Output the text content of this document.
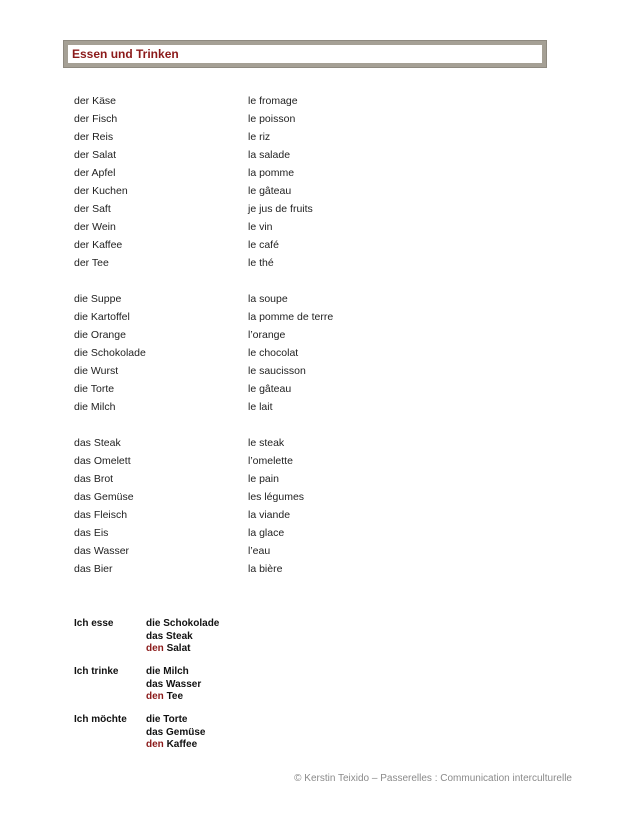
Essen und Trinken
der Käse	le fromage
der Fisch	le poisson
der Reis	le riz
der Salat	la salade
der Apfel	la pomme
der Kuchen	le gâteau
der Saft	je jus de fruits
der Wein	le vin
der Kaffee	le café
der Tee	le thé
die Suppe	la soupe
die Kartoffel	la pomme de terre
die Orange	l’orange
die Schokolade	le chocolat
die Wurst	le saucisson
die Torte	le gâteau
die Milch	le lait
das Steak	le steak
das Omelett	l’omelette
das Brot	le pain
das Gemüse	les légumes
das Fleisch	la viande
das Eis	la glace
das Wasser	l’eau
das Bier	la bière
Ich esse	die Schokolade
das Steak
den Salat
Ich trinke	die Milch
das Wasser
den Tee
Ich möchte die Torte
das Gemüse
den Kaffee
© Kerstin Teixido – Passerelles : Communication interculturelle
